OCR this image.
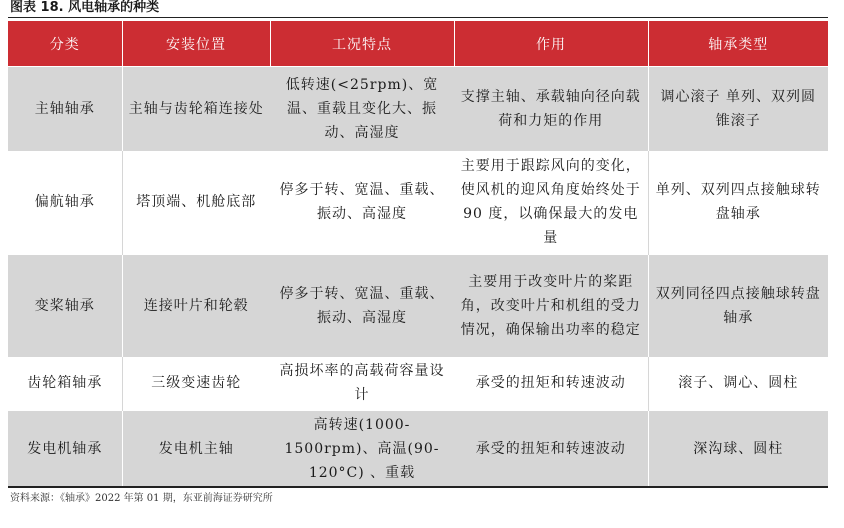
图表 18. 风电轴承的种类
分类	安装位置	工况特点	作用	轴承类型
主轴轴承	主轴与齿轮箱连接处	低转速(<25rpm)、宽温、重载且变化大、振动、高湿度	支撑主轴、承载轴向径向载荷和力矩的作用	调心滚子 单列、双列圆锥滚子
偏航轴承	塔顶端、机舱底部	停多于转、宽温、重载、振动、高湿度	主要用于跟踪风向的变化，使风机的迎风角度始终处于 90 度，以确保最大的发电量	单列、双列四点接触球转盘轴承
变桨轴承	连接叶片和轮毂	停多于转、宽温、重载、振动、高湿度	主要用于改变叶片的桨距角，改变叶片和机组的受力情况，确保输出功率的稳定	双列同径四点接触球转盘轴承
齿轮箱轴承	三级变速齿轮	高损坏率的高载荷容量设计	承受的扭矩和转速波动	滚子、调心、圆柱
发电机轴承	发电机主轴	高转速(1000-1500rpm)、高温(90-120°C) 、重载	承受的扭矩和转速波动	深沟球、圆柱
资料来源：《轴承》2022 年第 01 期，东亚前海证券研究所
